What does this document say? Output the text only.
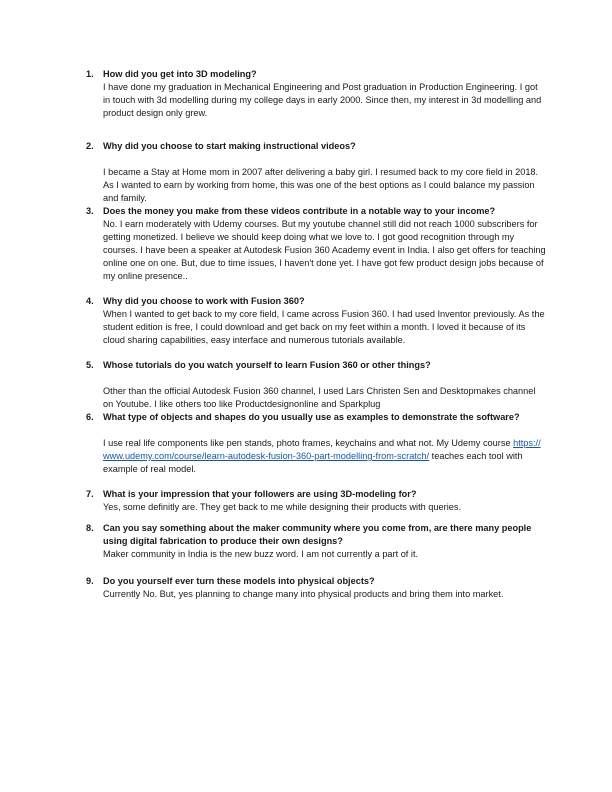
1.	How did you get into 3D modeling?

I have done my graduation in Mechanical Engineering and Post graduation in Production Engineering. I got in touch with 3d modelling during my college days in early 2000. Since then, my interest in 3d modelling and product design only grew.

2.	Why did you choose to start making instructional videos?

I became a Stay at Home mom in 2007 after delivering a baby girl. I resumed back to my core field in 2018. As I wanted to earn by working from home, this was one of the best options as I could balance my passion and family.

3.	Does the money you make from these videos contribute in a notable way to your income?

No. I earn moderately with Udemy courses. But my youtube channel still did not reach 1000 subscribers for getting monetized. I believe we should keep doing what we love to. I got good recognition through my courses. I have been a speaker at Autodesk Fusion 360 Academy event in India. I also get offers for teaching online one on one. But, due to time issues, I haven't done yet. I have got few product design jobs because of my online presence..

4.	Why did you choose to work with Fusion 360?

When I wanted to get back to my core field, I came across Fusion 360. I had used Inventor previously. As the student edition is free, I could download and get back on my feet within a month. I loved it because of its cloud sharing capabilities, easy interface and numerous tutorials available.

5.	Whose tutorials do you watch yourself to learn Fusion 360 or other things?

Other than the official Autodesk Fusion 360 channel, I used Lars Christen Sen and Desktopmakes channel on Youtube. I like others too like Productdesignonline and Sparkplug

6.	What type of objects and shapes do you usually use as examples to demonstrate the software?

I use real life components like pen stands, photo frames, keychains and what not. My Udemy course https://www.udemy.com/course/learn-autodesk-fusion-360-part-modelling-from-scratch/ teaches each tool with example of real model.

7.	What is your impression that your followers are using 3D-modeling for?

Yes, some definitly are. They get back to me while designing their products with queries.

8.	Can you say something about the maker community where you come from, are there many people using digital fabrication to produce their own designs?

Maker community in India is the new buzz word. I am not currently a part of it.

9.	Do you yourself ever turn these models into physical objects?

Currently No. But, yes planning to change many into physical products and bring them into market.
